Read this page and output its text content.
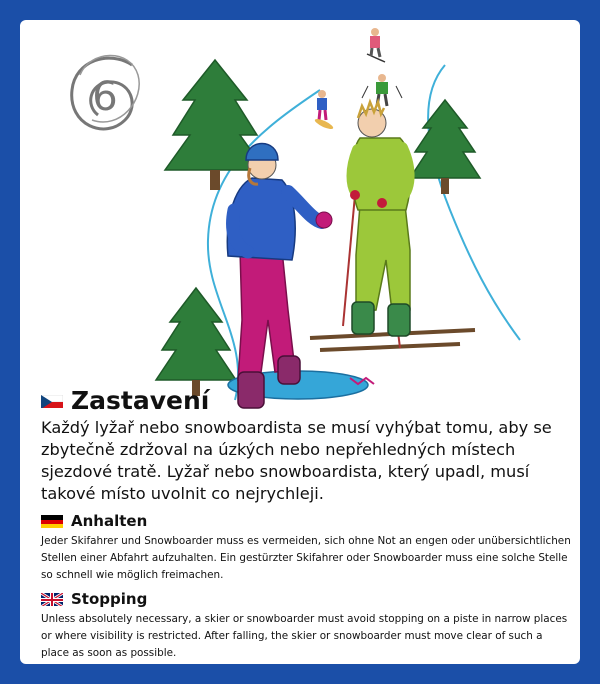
6
Zastavení

Každý lyžař nebo snowboardista se musí vyhýbat tomu, aby se zbytečně zdržoval na úzkých nebo nepřehledných místech sjezdové tratě. Lyžař nebo snowboardista, který upadl, musí takové místo uvolnit co nejrychleji.

Anhalten

Jeder Skifahrer und Snowboarder muss es vermeiden, sich ohne Not an engen oder unübersichtlichen Stellen einer Abfahrt aufzuhalten. Ein gestürzter Skifahrer oder Snowboarder muss eine solche Stelle so schnell wie möglich freimachen.

Stopping

Unless absolutely necessary, a skier or snowboarder must avoid stopping on a piste in narrow places or where visibility is restricted. After falling, the skier or snowboarder must move clear of such a place as soon as possible.
